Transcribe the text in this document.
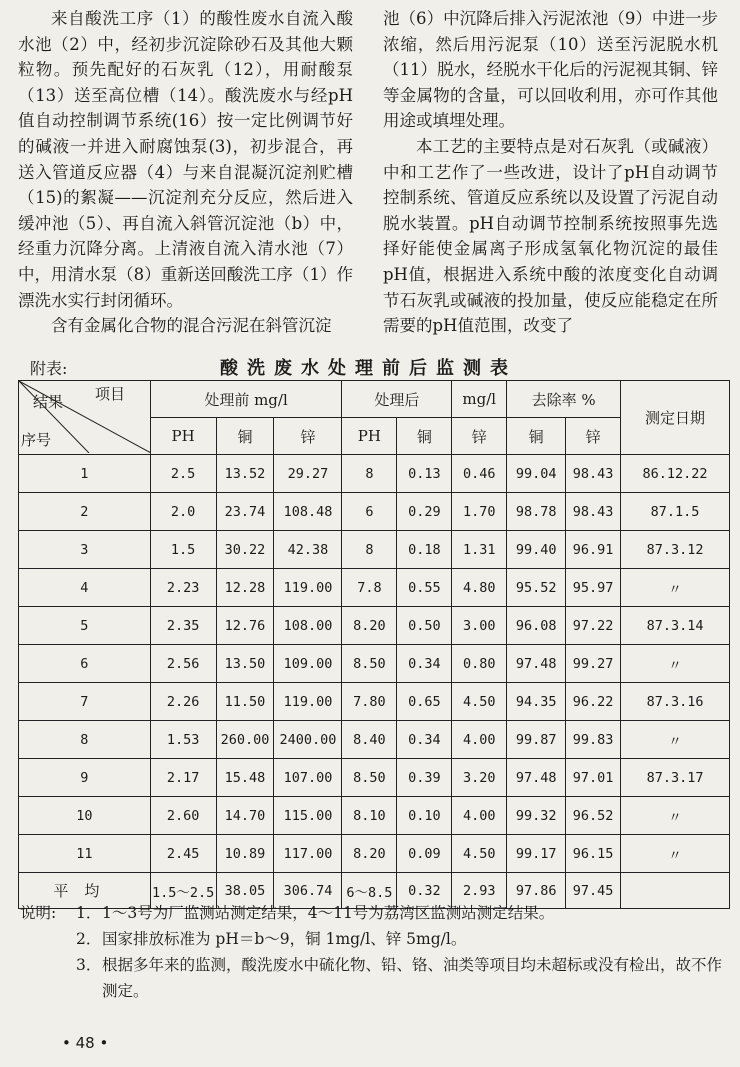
来自酸洗工序（1）的酸性废水自流入酸水池（2）中，经初步沉淀除砂石及其他大颗粒物。预先配好的石灰乳（12），用耐酸泵（13）送至高位槽（14）。酸洗废水与经pH值自动控制调节系统(16）按一定比例调节好的碱液一并进入耐腐蚀泵(3)，初步混合，再送入管道反应器（4）与来自混凝沉淀剂贮槽（15)的絮凝——沉淀剂充分反应，然后进入缓冲池（5）、再自流入斜管沉淀池（b）中，经重力沉降分离。上清液自流入清水池（7）中，用清水泵（8）重新送回酸洗工序（1）作漂洗水实行封闭循环。

含有金属化合物的混合污泥在斜管沉淀

池（6）中沉降后排入污泥浓池（9）中进一步浓缩，然后用污泥泵（10）送至污泥脱水机（11）脱水，经脱水干化后的污泥视其铜、锌等金属物的含量，可以回收利用，亦可作其他用途或填埋处理。

本工艺的主要特点是对石灰乳（或碱液）中和工艺作了一些改进，设计了pH自动调节控制系统、管道反应系统以及设置了污泥自动脱水装置。pH自动调节控制系统按照事先选择好能使金属离子形成氢氧化物沉淀的最佳pH值，根据进入系统中酸的浓度变化自动调节石灰乳或碱液的投加量，使反应能稳定在所需要的pH值范围，改变了

附表:	酸洗废水处理前后监测表
项目
结果
序号	处理前 mg/l			处理后		mg/l	去除率 %		测定日期
	PH	铜	锌	PH	铜	锌	铜	锌	
1	2.5	13.52	29.27	8	0.13	0.46	99.04	98.43	86.12.22
2	2.0	23.74	108.48	6	0.29	1.70	98.78	98.43	87.1.5
3	1.5	30.22	42.38	8	0.18	1.31	99.40	96.91	87.3.12
4	2.23	12.28	119.00	7.8	0.55	4.80	95.52	95.97	〃
5	2.35	12.76	108.00	8.20	0.50	3.00	96.08	97.22	87.3.14
6	2.56	13.50	109.00	8.50	0.34	0.80	97.48	99.27	〃
7	2.26	11.50	119.00	7.80	0.65	4.50	94.35	96.22	87.3.16
8	1.53	260.00	2400.00	8.40	0.34	4.00	99.87	99.83	〃
9	2.17	15.48	107.00	8.50	0.39	3.20	97.48	97.01	87.3.17
10	2.60	14.70	115.00	8.10	0.10	4.00	99.32	96.52	〃
11	2.45	10.89	117.00	8.20	0.09	4.50	99.17	96.15	〃
平均	1.5～2.5	38.05	306.74	6～8.5	0.32	2.93	97.86	97.45	
说明:	1． 1～3号为厂监测站测定结果，4～11号为荔湾区监测站测定结果。
2． 国家排放标准为 pH＝b～9，铜 1mg/l、锌 5mg/l。
3． 根据多年来的监测，酸洗废水中硫化物、铅、铬、油类等项目均未超标或没有检出，故不作测定。
• 48 •
